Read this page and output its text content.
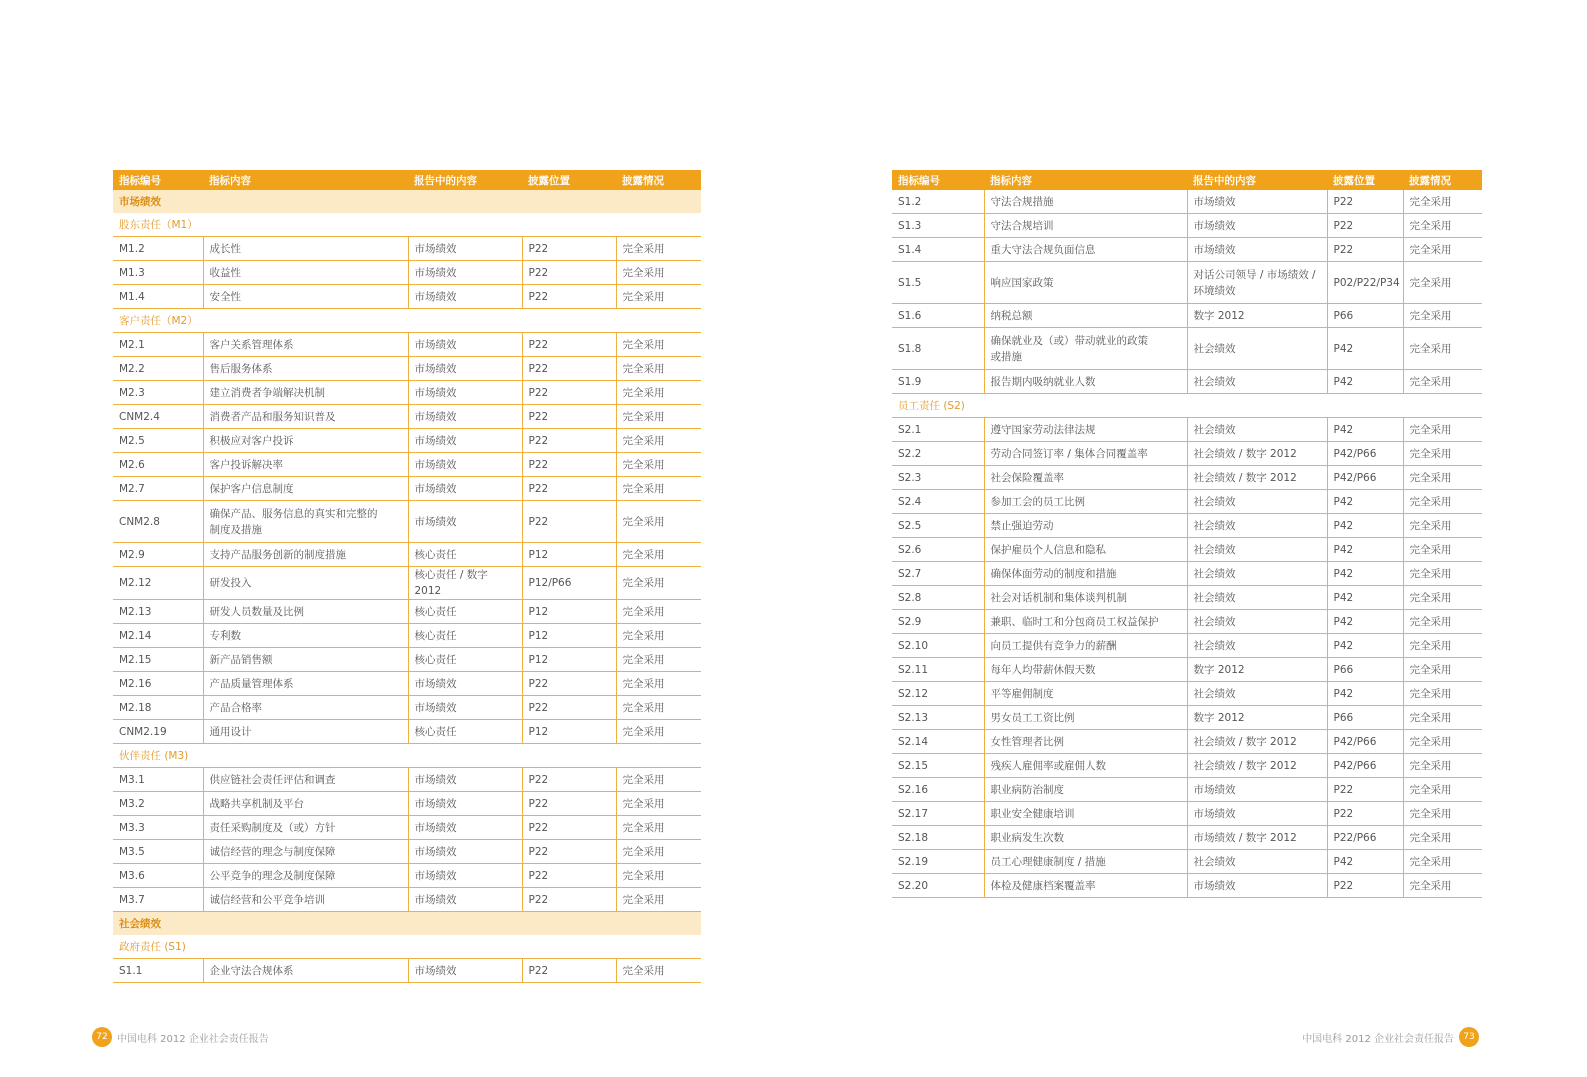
指标编号	指标内容	报告中的内容	披露位置	披露情况
市场绩效				
股东责任（M1）				
M1.2	成长性	市场绩效	P22	完全采用
M1.3	收益性	市场绩效	P22	完全采用
M1.4	安全性	市场绩效	P22	完全采用
客户责任（M2）				
M2.1	客户关系管理体系	市场绩效	P22	完全采用
M2.2	售后服务体系	市场绩效	P22	完全采用
M2.3	建立消费者争端解决机制	市场绩效	P22	完全采用
CNM2.4	消费者产品和服务知识普及	市场绩效	P22	完全采用
M2.5	积极应对客户投诉	市场绩效	P22	完全采用
M2.6	客户投诉解决率	市场绩效	P22	完全采用
M2.7	保护客户信息制度	市场绩效	P22	完全采用
CNM2.8	确保产品、服务信息的真实和完整的
制度及措施	市场绩效	P22	完全采用
M2.9	支持产品服务创新的制度措施	核心责任	P12	完全采用
M2.12	研发投入	核心责任 / 数字 2012	P12/P66	完全采用
M2.13	研发人员数量及比例	核心责任	P12	完全采用
M2.14	专利数	核心责任	P12	完全采用
M2.15	新产品销售额	核心责任	P12	完全采用
M2.16	产品质量管理体系	市场绩效	P22	完全采用
M2.18	产品合格率	市场绩效	P22	完全采用
CNM2.19	通用设计	核心责任	P12	完全采用
伙伴责任 (M3)				
M3.1	供应链社会责任评估和调查	市场绩效	P22	完全采用
M3.2	战略共享机制及平台	市场绩效	P22	完全采用
M3.3	责任采购制度及（或）方针	市场绩效	P22	完全采用
M3.5	诚信经营的理念与制度保障	市场绩效	P22	完全采用
M3.6	公平竞争的理念及制度保障	市场绩效	P22	完全采用
M3.7	诚信经营和公平竞争培训	市场绩效	P22	完全采用
社会绩效				
政府责任 (S1)				
S1.1	企业守法合规体系	市场绩效	P22	完全采用
指标编号	指标内容	报告中的内容	披露位置	披露情况
S1.2	守法合规措施	市场绩效	P22	完全采用
S1.3	守法合规培训	市场绩效	P22	完全采用
S1.4	重大守法合规负面信息	市场绩效	P22	完全采用
S1.5	响应国家政策	对话公司领导 / 市场绩效 /
环境绩效	P02/P22/P34	完全采用
S1.6	纳税总额	数字 2012	P66	完全采用
S1.8	确保就业及（或）带动就业的政策
或措施	社会绩效	P42	完全采用
S1.9	报告期内吸纳就业人数	社会绩效	P42	完全采用
员工责任 (S2)				
S2.1	遵守国家劳动法律法规	社会绩效	P42	完全采用
S2.2	劳动合同签订率 / 集体合同覆盖率	社会绩效 / 数字 2012	P42/P66	完全采用
S2.3	社会保险覆盖率	社会绩效 / 数字 2012	P42/P66	完全采用
S2.4	参加工会的员工比例	社会绩效	P42	完全采用
S2.5	禁止强迫劳动	社会绩效	P42	完全采用
S2.6	保护雇员个人信息和隐私	社会绩效	P42	完全采用
S2.7	确保体面劳动的制度和措施	社会绩效	P42	完全采用
S2.8	社会对话机制和集体谈判机制	社会绩效	P42	完全采用
S2.9	兼职、临时工和分包商员工权益保护	社会绩效	P42	完全采用
S2.10	向员工提供有竞争力的薪酬	社会绩效	P42	完全采用
S2.11	每年人均带薪休假天数	数字 2012	P66	完全采用
S2.12	平等雇佣制度	社会绩效	P42	完全采用
S2.13	男女员工工资比例	数字 2012	P66	完全采用
S2.14	女性管理者比例	社会绩效 / 数字 2012	P42/P66	完全采用
S2.15	残疾人雇佣率或雇佣人数	社会绩效 / 数字 2012	P42/P66	完全采用
S2.16	职业病防治制度	市场绩效	P22	完全采用
S2.17	职业安全健康培训	市场绩效	P22	完全采用
S2.18	职业病发生次数	市场绩效 / 数字 2012	P22/P66	完全采用
S2.19	员工心理健康制度 / 措施	社会绩效	P42	完全采用
S2.20	体检及健康档案覆盖率	市场绩效	P22	完全采用
72 中国电科 2012 企业社会责任报告	中国电科 2012 企业社会责任报告	73
